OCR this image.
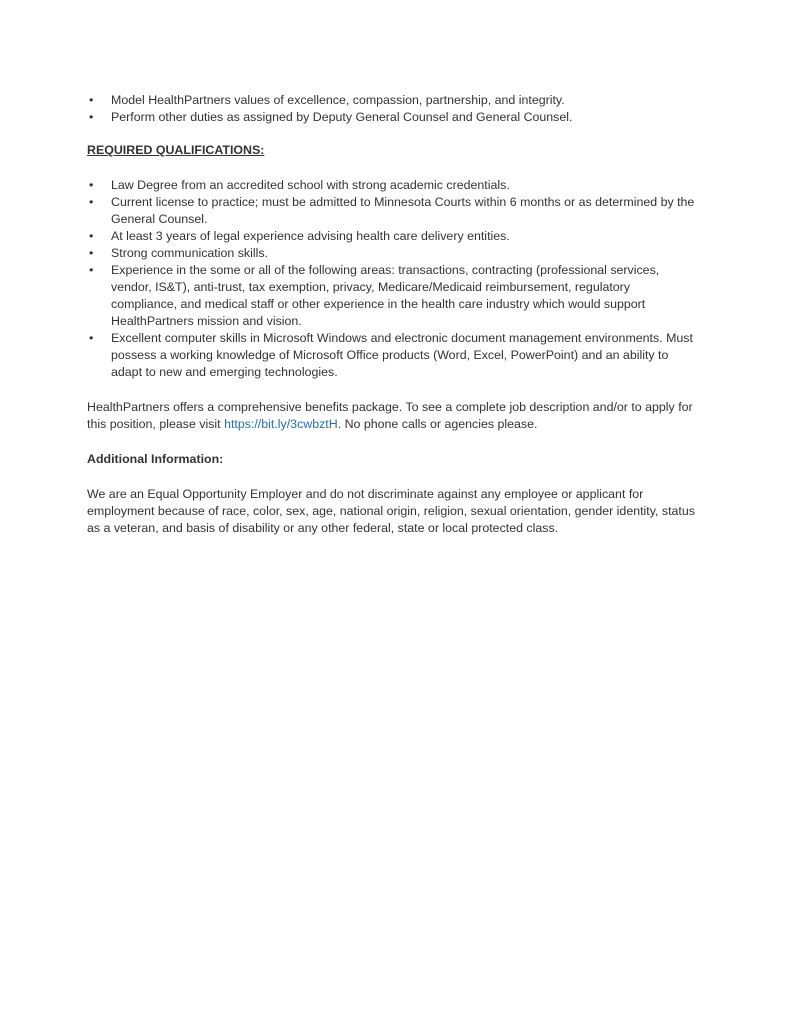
•	Model HealthPartners values of excellence, compassion, partnership, and integrity.
•	Perform other duties as assigned by Deputy General Counsel and General Counsel.
REQUIRED QUALIFICATIONS:
•	Law Degree from an accredited school with strong academic credentials.
•	Current license to practice; must be admitted to Minnesota Courts within 6 months or as determined by the General Counsel.
•	At least 3 years of legal experience advising health care delivery entities.
•	Strong communication skills.
•	Experience in the some or all of the following areas: transactions, contracting (professional services, vendor, IS&T), anti-trust, tax exemption, privacy, Medicare/Medicaid reimbursement, regulatory compliance, and medical staff or other experience in the health care industry which would support HealthPartners mission and vision.
•	Excellent computer skills in Microsoft Windows and electronic document management environments. Must possess a working knowledge of Microsoft Office products (Word, Excel, PowerPoint) and an ability to adapt to new and emerging technologies.

HealthPartners offers a comprehensive benefits package. To see a complete job description and/or to apply for this position, please visit https://bit.ly/3cwbztH. No phone calls or agencies please.

Additional Information:

We are an Equal Opportunity Employer and do not discriminate against any employee or applicant for employment because of race, color, sex, age, national origin, religion, sexual orientation, gender identity, status as a veteran, and basis of disability or any other federal, state or local protected class.
